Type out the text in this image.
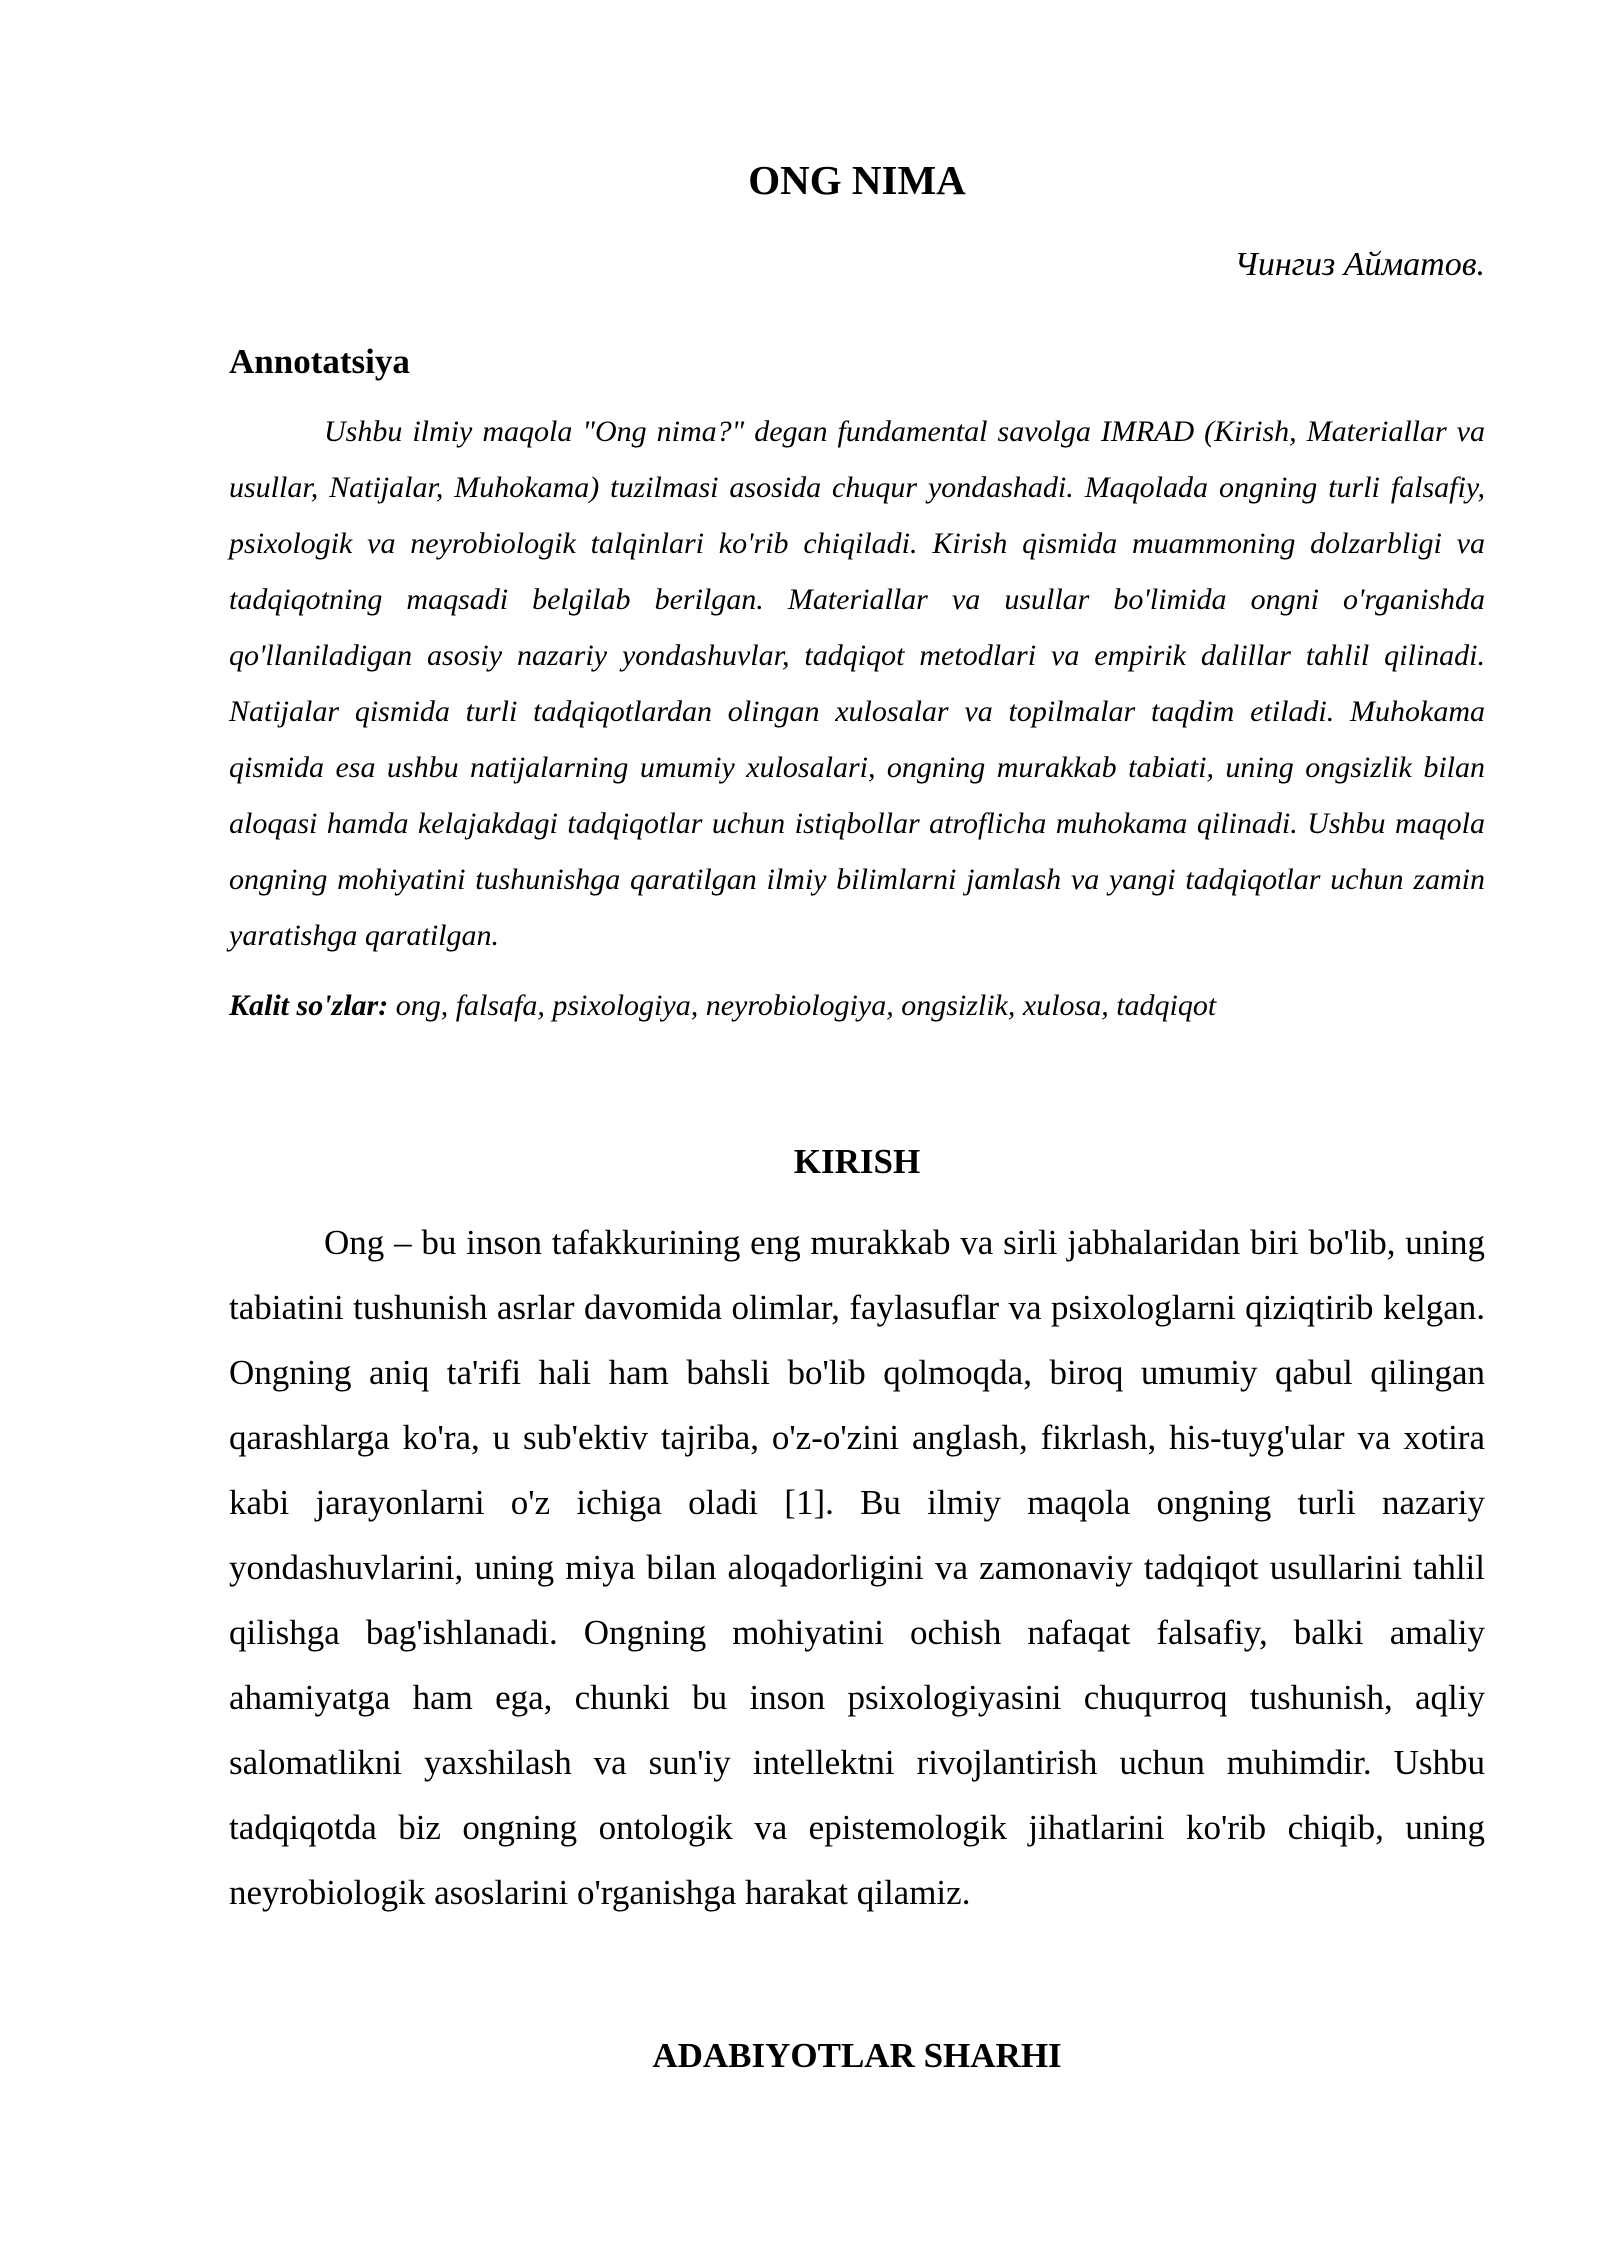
ONG NIMA

Чингиз Айматов.

Annotatsiya

Ushbu ilmiy maqola "Ong nima?" degan fundamental savolga IMRAD (Kirish, Materiallar va usullar, Natijalar, Muhokama) tuzilmasi asosida chuqur yondashadi. Maqolada ongning turli falsafiy, psixologik va neyrobiologik talqinlari ko'rib chiqiladi. Kirish qismida muammoning dolzarbligi va tadqiqotning maqsadi belgilab berilgan. Materiallar va usullar bo'limida ongni o'rganishda qo'llaniladigan asosiy nazariy yondashuvlar, tadqiqot metodlari va empirik dalillar tahlil qilinadi. Natijalar qismida turli tadqiqotlardan olingan xulosalar va topilmalar taqdim etiladi. Muhokama qismida esa ushbu natijalarning umumiy xulosalari, ongning murakkab tabiati, uning ongsizlik bilan aloqasi hamda kelajakdagi tadqiqotlar uchun istiqbollar atroflicha muhokama qilinadi. Ushbu maqola ongning mohiyatini tushunishga qaratilgan ilmiy bilimlarni jamlash va yangi tadqiqotlar uchun zamin yaratishga qaratilgan.

Kalit so'zlar: ong, falsafa, psixologiya, neyrobiologiya, ongsizlik, xulosa, tadqiqot

KIRISH

Ong – bu inson tafakkurining eng murakkab va sirli jabhalaridan biri bo'lib, uning tabiatini tushunish asrlar davomida olimlar, faylasuflar va psixologlarni qiziqtirib kelgan. Ongning aniq ta'rifi hali ham bahsli bo'lib qolmoqda, biroq umumiy qabul qilingan qarashlarga ko'ra, u sub'ektiv tajriba, o'z-o'zini anglash, fikrlash, his-tuyg'ular va xotira kabi jarayonlarni o'z ichiga oladi [1]. Bu ilmiy maqola ongning turli nazariy yondashuvlarini, uning miya bilan aloqadorligini va zamonaviy tadqiqot usullarini tahlil qilishga bag'ishlanadi. Ongning mohiyatini ochish nafaqat falsafiy, balki amaliy ahamiyatga ham ega, chunki bu inson psixologiyasini chuqurroq tushunish, aqliy salomatlikni yaxshilash va sun'iy intellektni rivojlantirish uchun muhimdir. Ushbu tadqiqotda biz ongning ontologik va epistemologik jihatlarini ko'rib chiqib, uning neyrobiologik asoslarini o'rganishga harakat qilamiz.

ADABIYOTLAR SHARHI
